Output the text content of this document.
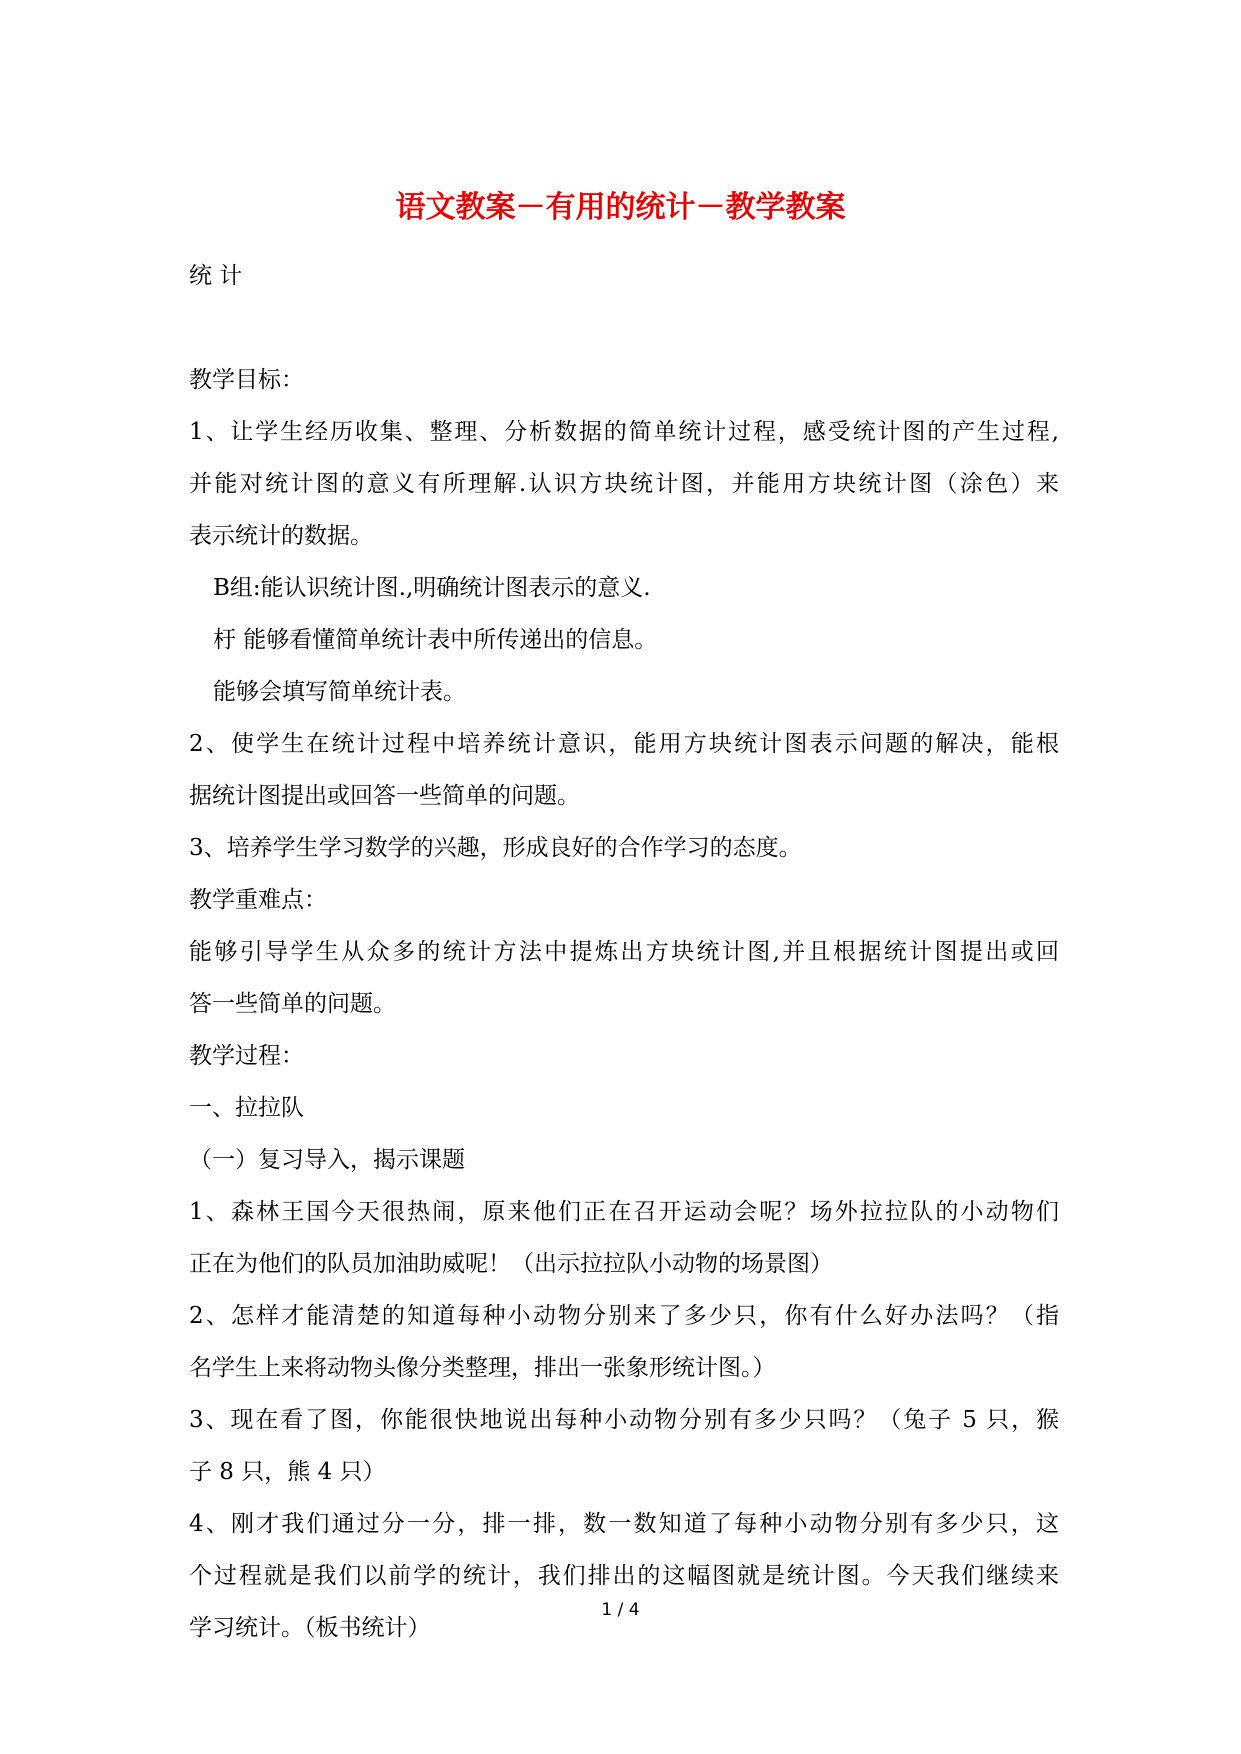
语文教案－有用的统计－教学教案

统 计

教学目标：

1、让学生经历收集、整理、分析数据的简单统计过程，感受统计图的产生过程,

并能对统计图的意义有所理解.认识方块统计图，并能用方块统计图（涂色）来

表示统计的数据。

B组:能认识统计图.,明确统计图表示的意义.

杅 能够看懂简单统计表中所传递出的信息。

能够会填写简单统计表。

2、使学生在统计过程中培养统计意识，能用方块统计图表示问题的解决，能根

据统计图提出或回答一些简单的问题。

3、培养学生学习数学的兴趣，形成良好的合作学习的态度。

教学重难点：

能够引导学生从众多的统计方法中提炼出方块统计图,并且根据统计图提出或回

答一些简单的问题。

教学过程：

一、拉拉队

（一）复习导入，揭示课题

1、森林王国今天很热闹，原来他们正在召开运动会呢？场外拉拉队的小动物们

正在为他们的队员加油助威呢！（出示拉拉队小动物的场景图）

2、怎样才能清楚的知道每种小动物分别来了多少只，你有什么好办法吗？（指

名学生上来将动物头像分类整理，排出一张象形统计图。）

3、现在看了图，你能很快地说出每种小动物分别有多少只吗？（兔子 5 只，猴

子 8 只，熊 4 只）

4、刚才我们通过分一分，排一排，数一数知道了每种小动物分别有多少只，这

个过程就是我们以前学的统计，我们排出的这幅图就是统计图。今天我们继续来

学习统计。（板书统计）

1 / 4
